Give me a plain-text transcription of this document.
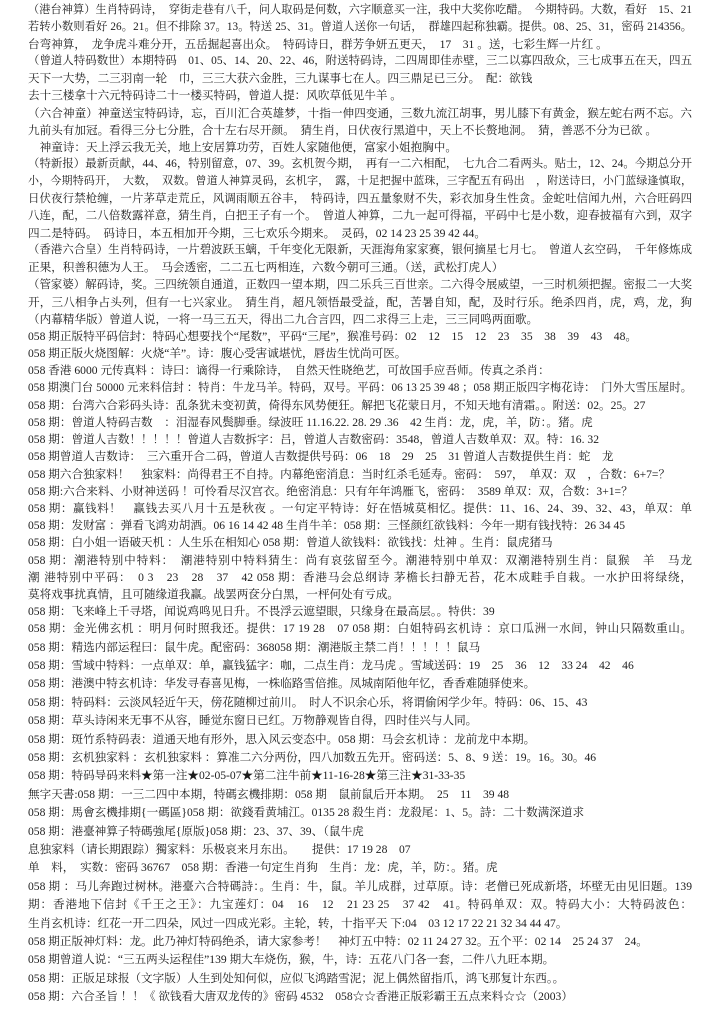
（港台神算）生肖特码诗，　穿街走巷有八千，问人取码是何数，六字顺意买一注，我中大奖你吃醋。　今期特码。大数，看好　15、21
若转小数则看好 26。21。但不排除 37。13。特送 25、31。曾道人送你一句话，　群雄四起称独霸。提供。08、25、31，密码 214356。
台弯神算，　龙争虎斗难分开，五岳掘起喜出众。　特码诗日，群芳争妍五更天，　17　31 。送，七彩生辉一片红 。
（曾道人特码数世）本期特码　01、05、14、20、22、46，附送特码诗，二四周即佳赤壁，三二以寡四敌众，三七成事五在天，四五
天下一大势，二三羽南一轮　巾，三三大获六金胜，三九谋事七在人。四三鼎足已三分。　配：欲钱
去十三楼拿十六元特码诗二十一楼买特码，曾道人提：风吹草低见牛羊 。
（六合神童）神童送宝特码诗，忘，百川汇合英雄梦，十指一伸四变通，三数九流江胡事，男儿膝下有黄金，猴左蛇右两不忘。六
九前头有加冠。看得三分七分胜，合十左右尽开颜。　猜生肖，日伏夜行黑道中，天上不长赘地洞。　猜，善恶不分为已欲 。
　神童诗：天上浮云我无关，地上安居算功劳，百姓人家随他便，富家小姐抱胸中。
（特新报）最新贡献，44、46，特别留意，07、39。玄机贺今期，　再有一二六相配，　七九合二看两头。贴士，12、24。今期总分开
小，今期特码开，　大数，　双数。曾道人神算灵码，玄机字，　露，十足把握中蓝珠，三字配五有码出　，附送诗曰，小门蓝绿逢慎取，
日伏夜行禁枪缠，一片茅草走荒丘，风调雨顺五谷丰，　特码诗，四五量象财不失，彩衣加身生性贪。金蛇吐信闻九州，六合旺码四
八连，配，二八倍数露祥意，猜生肖，白把王子有一个。　曾道人神算，二九一起可得福，平码中七是小数，迎春披福有六到，双字
四二是特码。　码诗日，本五相加开今期，三七欢乐今期来。　灵码，02 14 23 25 39 42 44。
（香港六合皇）生肖特码诗，一片碧波跃玉螭，千年变化无限新，天涯海角家家赛，银何摘星七月七。　曾道人玄空码，　千年修炼成
正果，积善积德为人王。　马会透密，二二五七两相连，六数今朝可三通。（送，武松打虎人）
（管家婆）解码诗，奖。三四统领自通道，正数四一望本期，四二乐兵三百世亲。二六得令展威望，一三时机须把握。密报二一大奖
开，三八相争占头列，但有一七兴家业。　猜生肖，超凡领悟最受益，配，苦暑自知，配，及时行乐。绝杀四肖，虎，鸡，龙，狗
（内幕精华版）曾道人说，一将一马三五天，得出二九合言四，四二求得三上走，三三同鸣两面歌。
058 期正版特平码信封：特码心想要找个“尾数”，平码“三尾”，猴准号码：02　12　15　12　23　35　38　39　43　48。
058 期正版火烧图解：火烧“羊”。诗：腹心受害诚堪忧，唇齿生忧尚可医。
058 香港 6000 元传真料 ：诗曰：谪得一行乘除诗，　自然天性晓绝艺，可故国手应吾师。传真之杀肖：
058 期澳门台 50000 元来料信封 ：特肖：牛龙马羊。特码，双号。平码：06 13 25 39 48 ；058 期正版四字梅花诗：　门外大雪压屋时。
058 期：台湾六合彩码头诗：乱条犹未变初黄，倚得东风势便狂。解把飞花蒙日月，不知天地有清霜。。附送：02。25。27
058 期：曾道人特码吉数　：泪湿春风鬓脚垂。绿波旺 11.16.22. 28. 29 .36　42 生肖：龙，虎，羊，防：。猪。虎
058 期：曾道人吉数！！！！！曾道人吉数拆字：吕，曾道人吉数密码：3548，曾道人吉数单双：双。特：16. 32
058 期曾道人吉数诗：　三六重开合二码，曾道人吉数提供号码：06　18　29　25　31 曾道人吉数提供生肖：蛇　龙
058 期六合独家料！　独家料：尚得君王不自持。内幕绝密消息：当时红杀毛延寿。密码：　597，　单双：双　，合数：6+7=？
058 期:六合来料、小财神送码 ！可怜看尽汉宫衣。绝密消息：只有年年鸿雁飞，密码：　3589 单双：双，合数：3+1=？
058 期：赢钱料！　赢钱去买八月十五是秋夜 。一句定平特诗：好在悟城莫相忆。提供：11、16、24、39、32、43，单双：单
058 期：发财富 ：弹看飞鸿劝胡酒。06 16 14 42 48 生肖牛羊：058 期：三怪颜红欲钱料：今年一期有钱找特：26 34 45
058 期：白小姐一语破天机 ：人生乐在相知心 058 期：曾道人欲钱料：欲钱找：灶神 。生肖：鼠虎猪马
058 期：潮港特别中特料：　潮港特别中特料猜生：尚有哀弦留至今。潮港特别中单双：双潮港特别生肖：鼠猴　羊　马龙
潮 港特别中平码：　0 3　23　28　37　42 058 期：香港马会总纲诗 茅檐长扫静无苔，花木成畦手自栽。一水护田将绿绕，
莫将戏事扰真情，且可随缘道我赢。战罢两奁分白黑，一枰何处有亏成。
058 期：飞来峰上千寻塔，闻说鸡鸣见日升。不畏浮云遮望眼，只缘身在最高层。。特供：39
058 期：金光佛玄机 ：明月何时照我还。提供：17 19 28　07 058 期：白姐特码玄机诗 ：京口瓜洲一水间，钟山只隔数重山。
058 期：精选内部运程曰：鼠牛虎。配密码：368058 期：潮港版主禁二肖！！！！！鼠马
058 期：雪域中特料：一点单双：单，赢钱猛字：咖，二点生肖：龙马虎 。雪域送码：19　25　36　12　33 24　42　46
058 期：港澳中特玄机诗：华发寻春喜见梅，一株临路雪倍推。凤城南陌他年忆，香香难随驿使来。
058 期：特码料：云淡风轻近午天，傍花随柳过前川。　时人不识余心乐，将谓偷闲学少年。特码：06、15、43
058 期：草头诗闲来无事不从容，睡觉东窗日已红。万物静观皆自得，四时佳兴与人同。
058 期：斑竹系特码表：道通天地有形外，思入风云变态中。058 期：马会玄机诗 ：龙前龙中本期。
058 期：玄机独家料 ：玄机独家料 ：算准二六分两份，四八加数五先开。密码送：5、8、9 送：19。16。30。46
058 期：特码导码来料★第一注★02-05-07★第二注牛前★11-16-28★第三注★31-33-35
無字天書:058 期：一三二四中本期，特碼玄機排期：058 期　鼠前鼠后开本期。　25　11　39 48
058 期：馬會玄機排期{一碼區}058 期：欲錢看黄埔江。0135 28 殺生肖：龙殺尾：1、5。詩：二十数满深道求
058 期：港臺神算子特碼強尾{原版}058 期：23、37、39、（鼠牛虎
息独家料（请长期跟踪）獨家料：乐极哀来月东出。　　提供：17 19 28　07
单　料，　实数：密码 36767　058 期：香港一句定生肖狗　生肖：龙：虎，羊，防：。猪。虎
058 期 ：马儿奔跑过树林。港臺六合特碼詩：。生肖：牛，鼠。羊儿成群，过草原。诗：老僧已死成新塔，坏壁无由见旧题。139
期：香港地下信封《千王之王》：九宝莲灯：04　16　12　21 23 25　37 42　41。特码单双：双。特码大小：大特码波色：
生肖玄机诗：红花一开二四朵，风过一四成光彩。主轮，转，十指平天 下:04　03 12 17 22 21 32 34 44 47。
058 期正版神灯料：龙。此乃神灯特码绝杀，请大家参考！　神灯五中特：02 11 24 27 32。五个平：02 14　25 24 37　24。
058 期曾道人说：“三五两头运程佳”139 期大车烧伤，猴，牛，诗：五花八门各一套，二件八九旺本期。
058 期：正版足球报（文字版）人生到处知何似，应似飞鸿踏雪泥；泥上偶然留指爪，鸿飞那复计东西。。
058 期：六合圣旨 ！！《 欲钱看大唐双龙传的》密码 4532　058☆☆香港正版彩霸王五点来料☆☆（2003）
